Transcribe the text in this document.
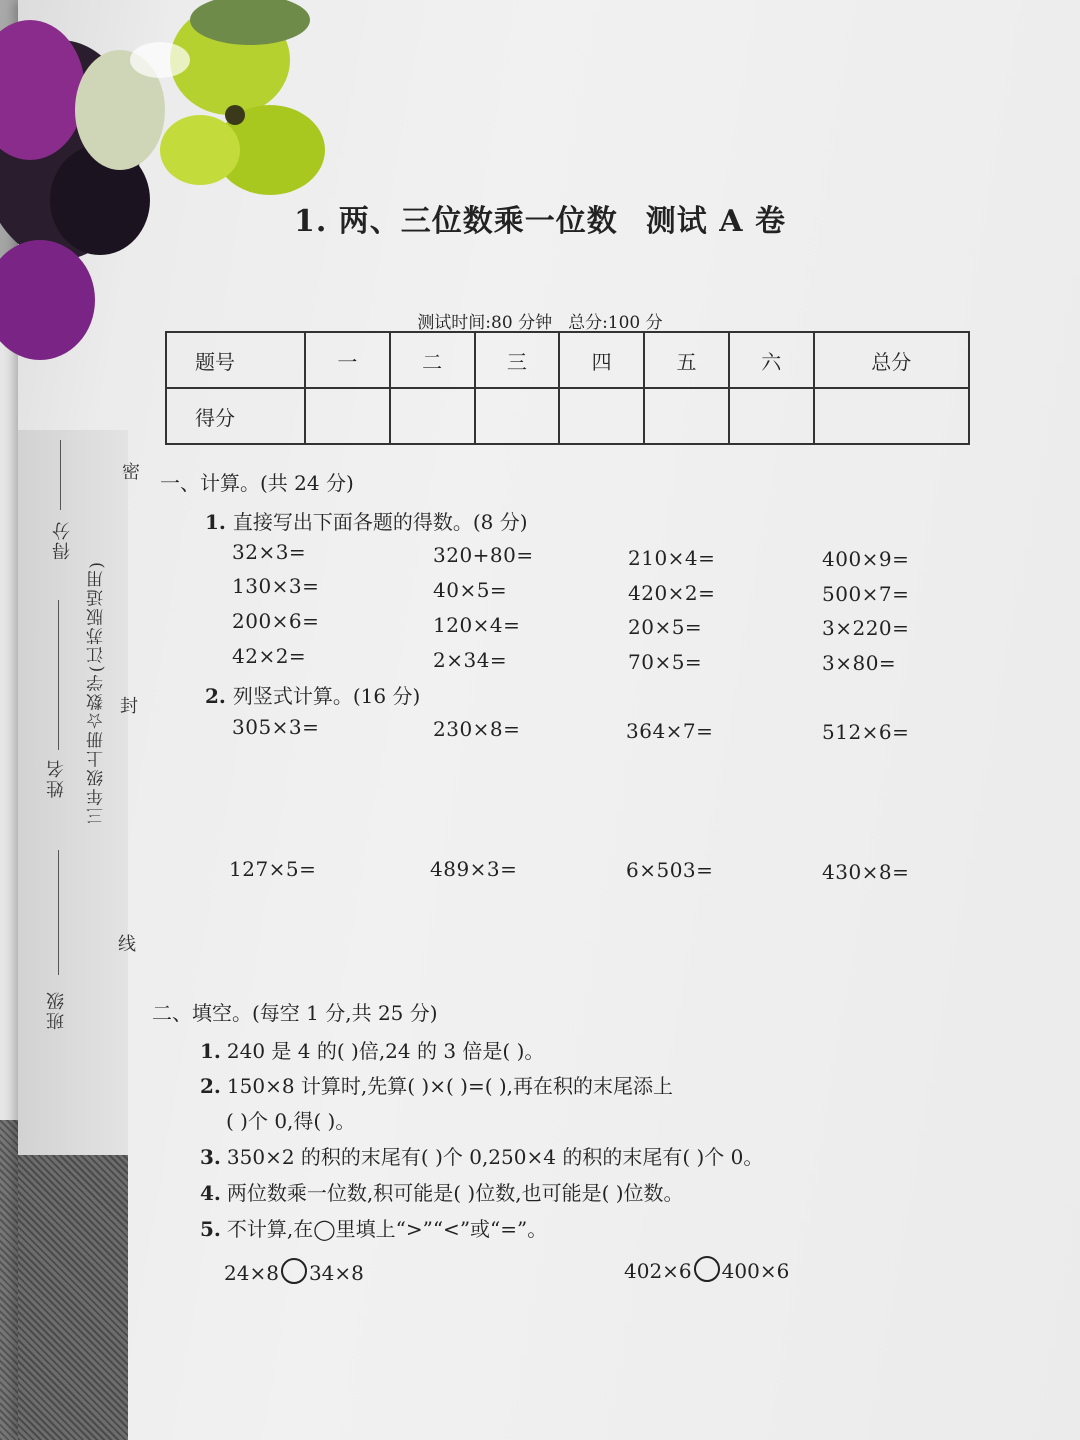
三年级上册☆数学(江苏版适用)
班级
姓名
得分
密
封
线
1. 两、三位数乘一位数 测试 A 卷
测试时间:80 分钟 总分:100 分
题号	一	二	三	四	五	六	总分
得分							
一、计算。(共 24 分)
1. 直接写出下面各题的得数。(8 分)
32×3=	320+80=	210×4=	400×9=
130×3=	40×5=	420×2=	500×7=
200×6=	120×4=	20×5=	3×220=
42×2=	2×34=	70×5=	3×80=
2. 列竖式计算。(16 分)
305×3=	230×8=	364×7=	512×6=
127×5=	489×3=	6×503=	430×8=
二、填空。(每空 1 分,共 25 分)
1. 240 是 4 的( )倍,24 的 3 倍是( )。
2. 150×8 计算时,先算( )×( )=( ),再在积的末尾添上
( )个 0,得( )。
3. 350×2 的积的末尾有( )个 0,250×4 的积的末尾有( )个 0。
4. 两位数乘一位数,积可能是( )位数,也可能是( )位数。
5. 不计算,在◯里填上“>”“<”或“=”。
24×8 34×8	402×6 400×6
